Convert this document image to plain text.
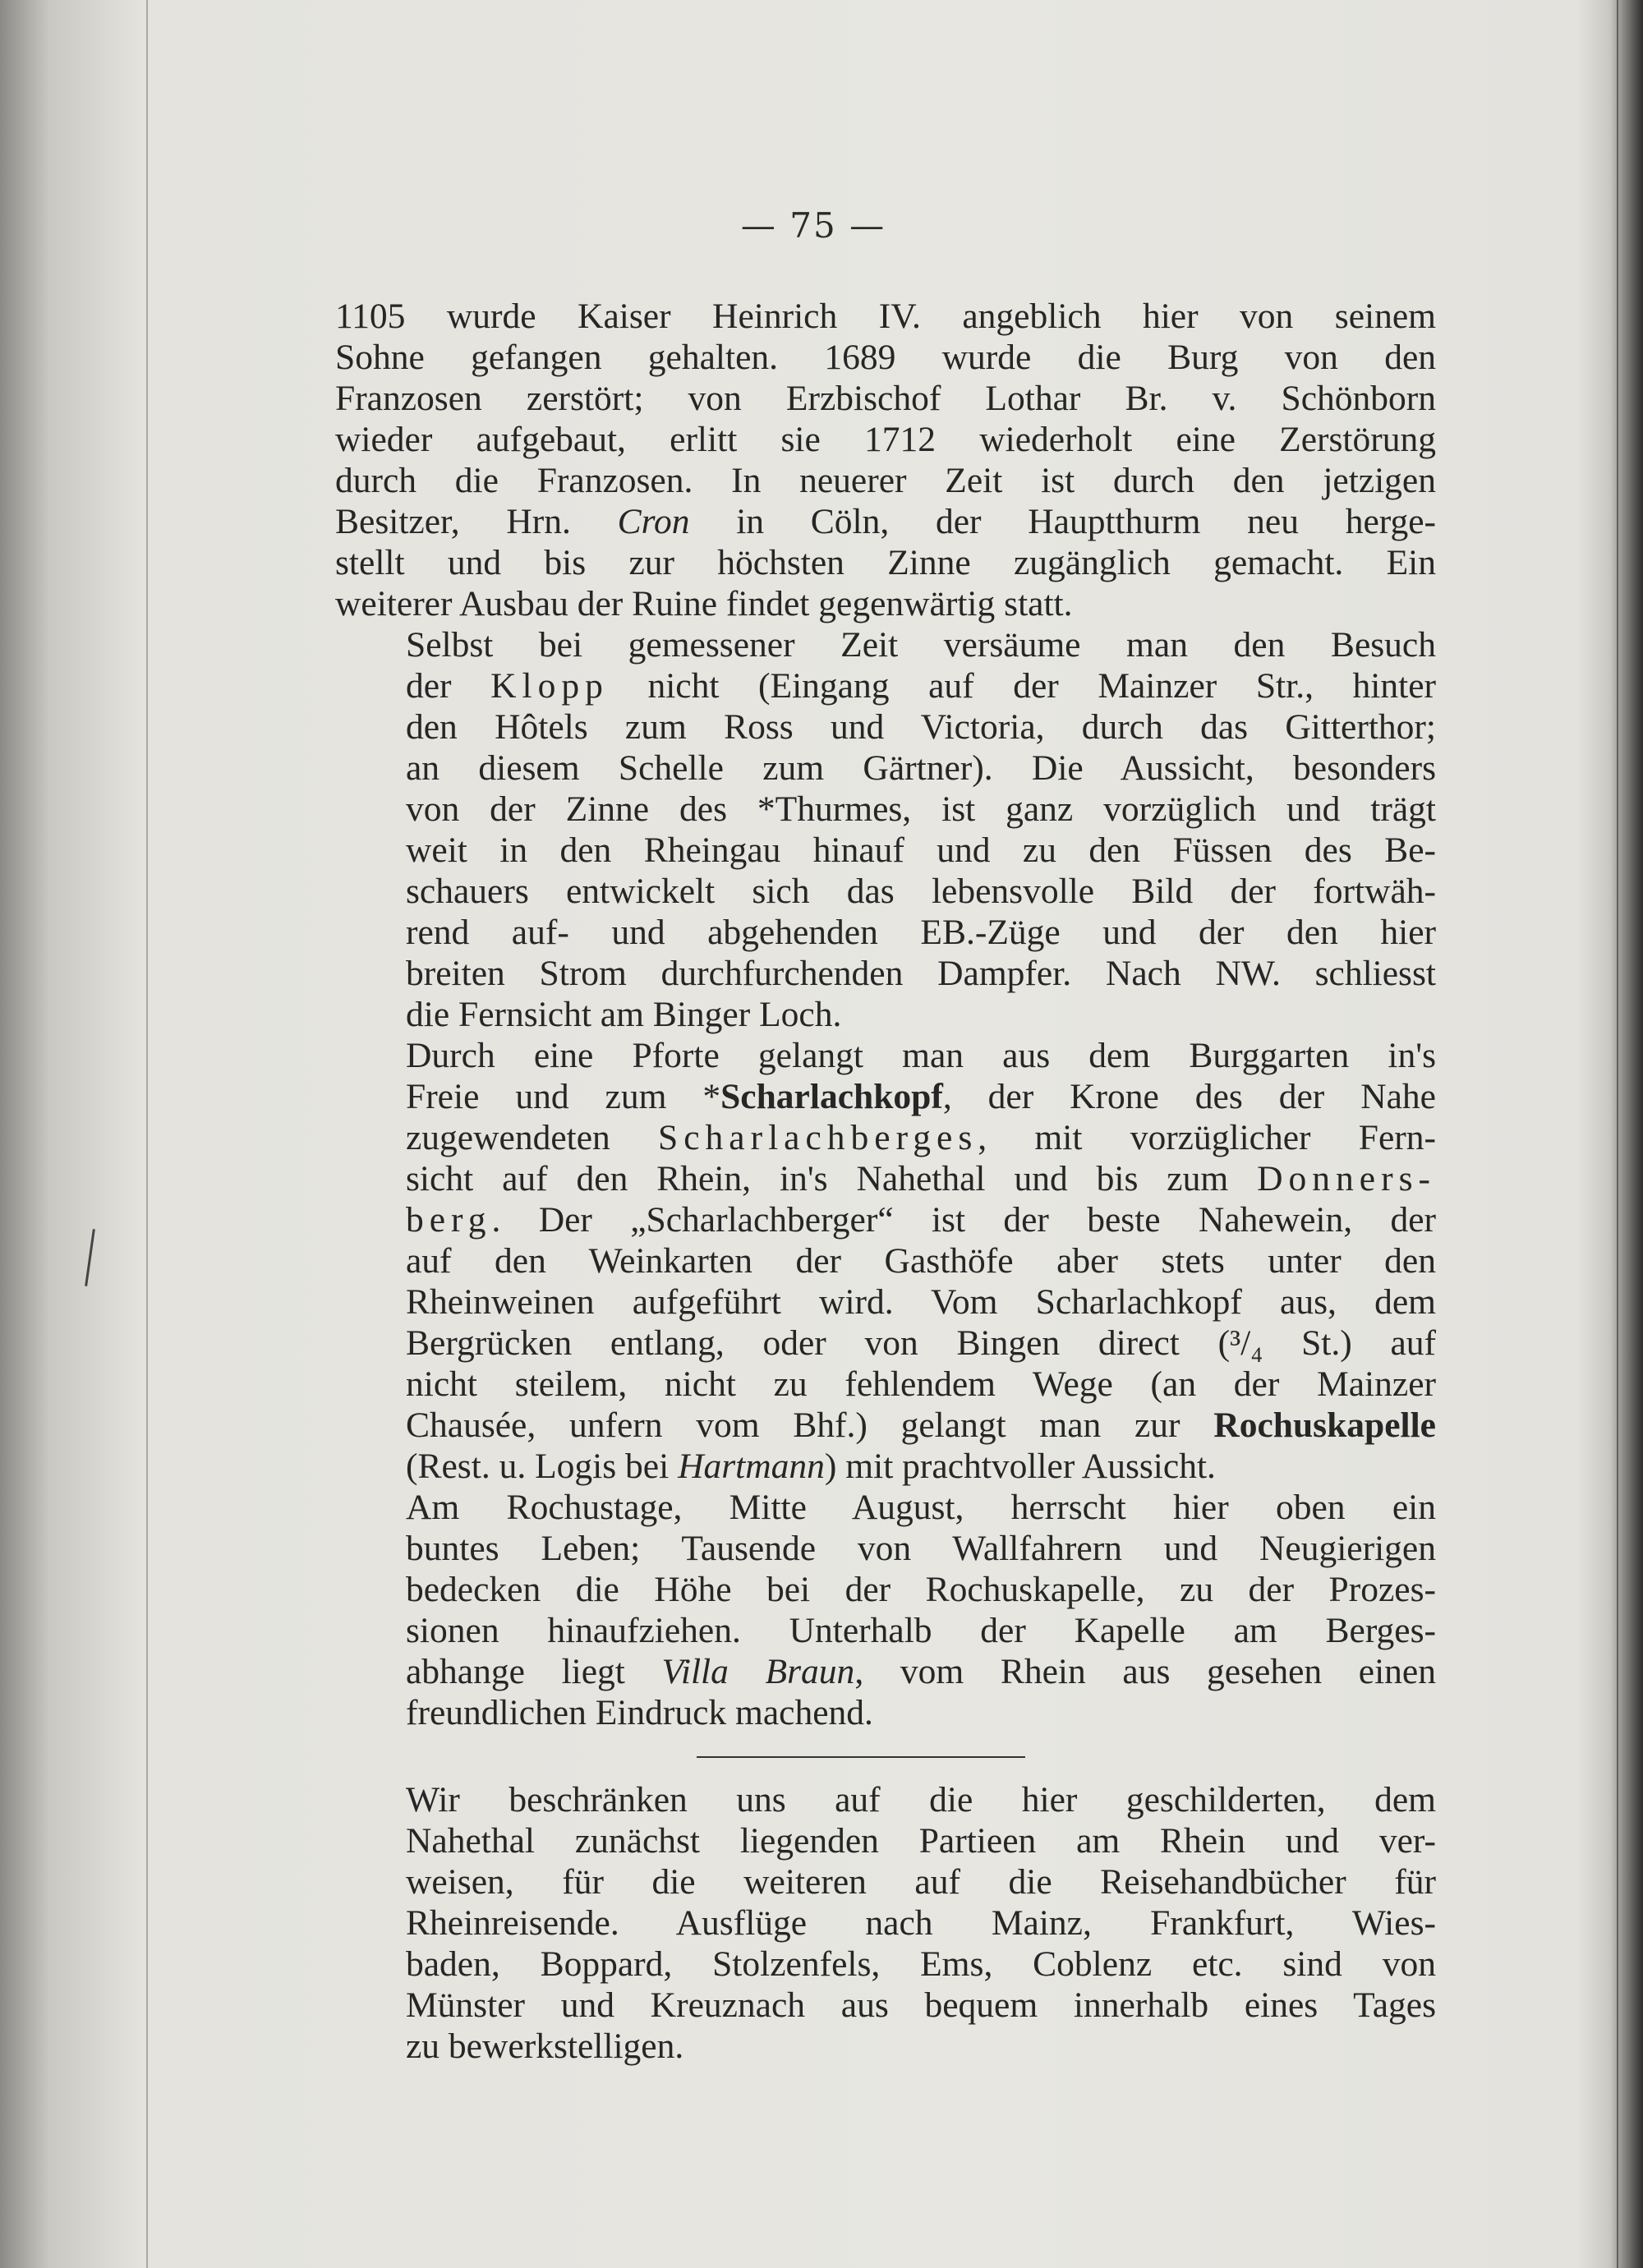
— 75 —
1105 wurde Kaiser Heinrich IV. angeblich hier von seinem
Sohne gefangen gehalten. 1689 wurde die Burg von den
Franzosen zerstört; von Erzbischof Lothar Br. v. Schönborn
wieder aufgebaut, erlitt sie 1712 wiederholt eine Zerstörung
durch die Franzosen. In neuerer Zeit ist durch den jetzigen
Besitzer, Hrn. Cron in Cöln, der Hauptthurm neu herge-
stellt und bis zur höchsten Zinne zugänglich gemacht. Ein
weiterer Ausbau der Ruine findet gegenwärtig statt.
Selbst bei gemessener Zeit versäume man den Besuch
der Klopp nicht (Eingang auf der Mainzer Str., hinter
den Hôtels zum Ross und Victoria, durch das Gitterthor;
an diesem Schelle zum Gärtner). Die Aussicht, besonders
von der Zinne des *Thurmes, ist ganz vorzüglich und trägt
weit in den Rheingau hinauf und zu den Füssen des Be-
schauers entwickelt sich das lebensvolle Bild der fortwäh-
rend auf- und abgehenden EB.-Züge und der den hier
breiten Strom durchfurchenden Dampfer. Nach NW. schliesst
die Fernsicht am Binger Loch.
Durch eine Pforte gelangt man aus dem Burggarten in's
Freie und zum *Scharlachkopf, der Krone des der Nahe
zugewendeten Scharlachberges, mit vorzüglicher Fern-
sicht auf den Rhein, in's Nahethal und bis zum Donners-
berg. Der „Scharlachberger“ ist der beste Nahewein, der
auf den Weinkarten der Gasthöfe aber stets unter den
Rheinweinen aufgeführt wird. Vom Scharlachkopf aus, dem
Bergrücken entlang, oder von Bingen direct (³/₄ St.) auf
nicht steilem, nicht zu fehlendem Wege (an der Mainzer
Chausée, unfern vom Bhf.) gelangt man zur Rochuskapelle
(Rest. u. Logis bei Hartmann) mit prachtvoller Aussicht.
Am Rochustage, Mitte August, herrscht hier oben ein
buntes Leben; Tausende von Wallfahrern und Neugierigen
bedecken die Höhe bei der Rochuskapelle, zu der Prozes-
sionen hinaufziehen. Unterhalb der Kapelle am Berges-
abhange liegt Villa Braun, vom Rhein aus gesehen einen
freundlichen Eindruck machend.
Wir beschränken uns auf die hier geschilderten, dem
Nahethal zunächst liegenden Partieen am Rhein und ver-
weisen, für die weiteren auf die Reisehandbücher für
Rheinreisende. Ausflüge nach Mainz, Frankfurt, Wies-
baden, Boppard, Stolzenfels, Ems, Coblenz etc. sind von
Münster und Kreuznach aus bequem innerhalb eines Tages
zu bewerkstelligen.
